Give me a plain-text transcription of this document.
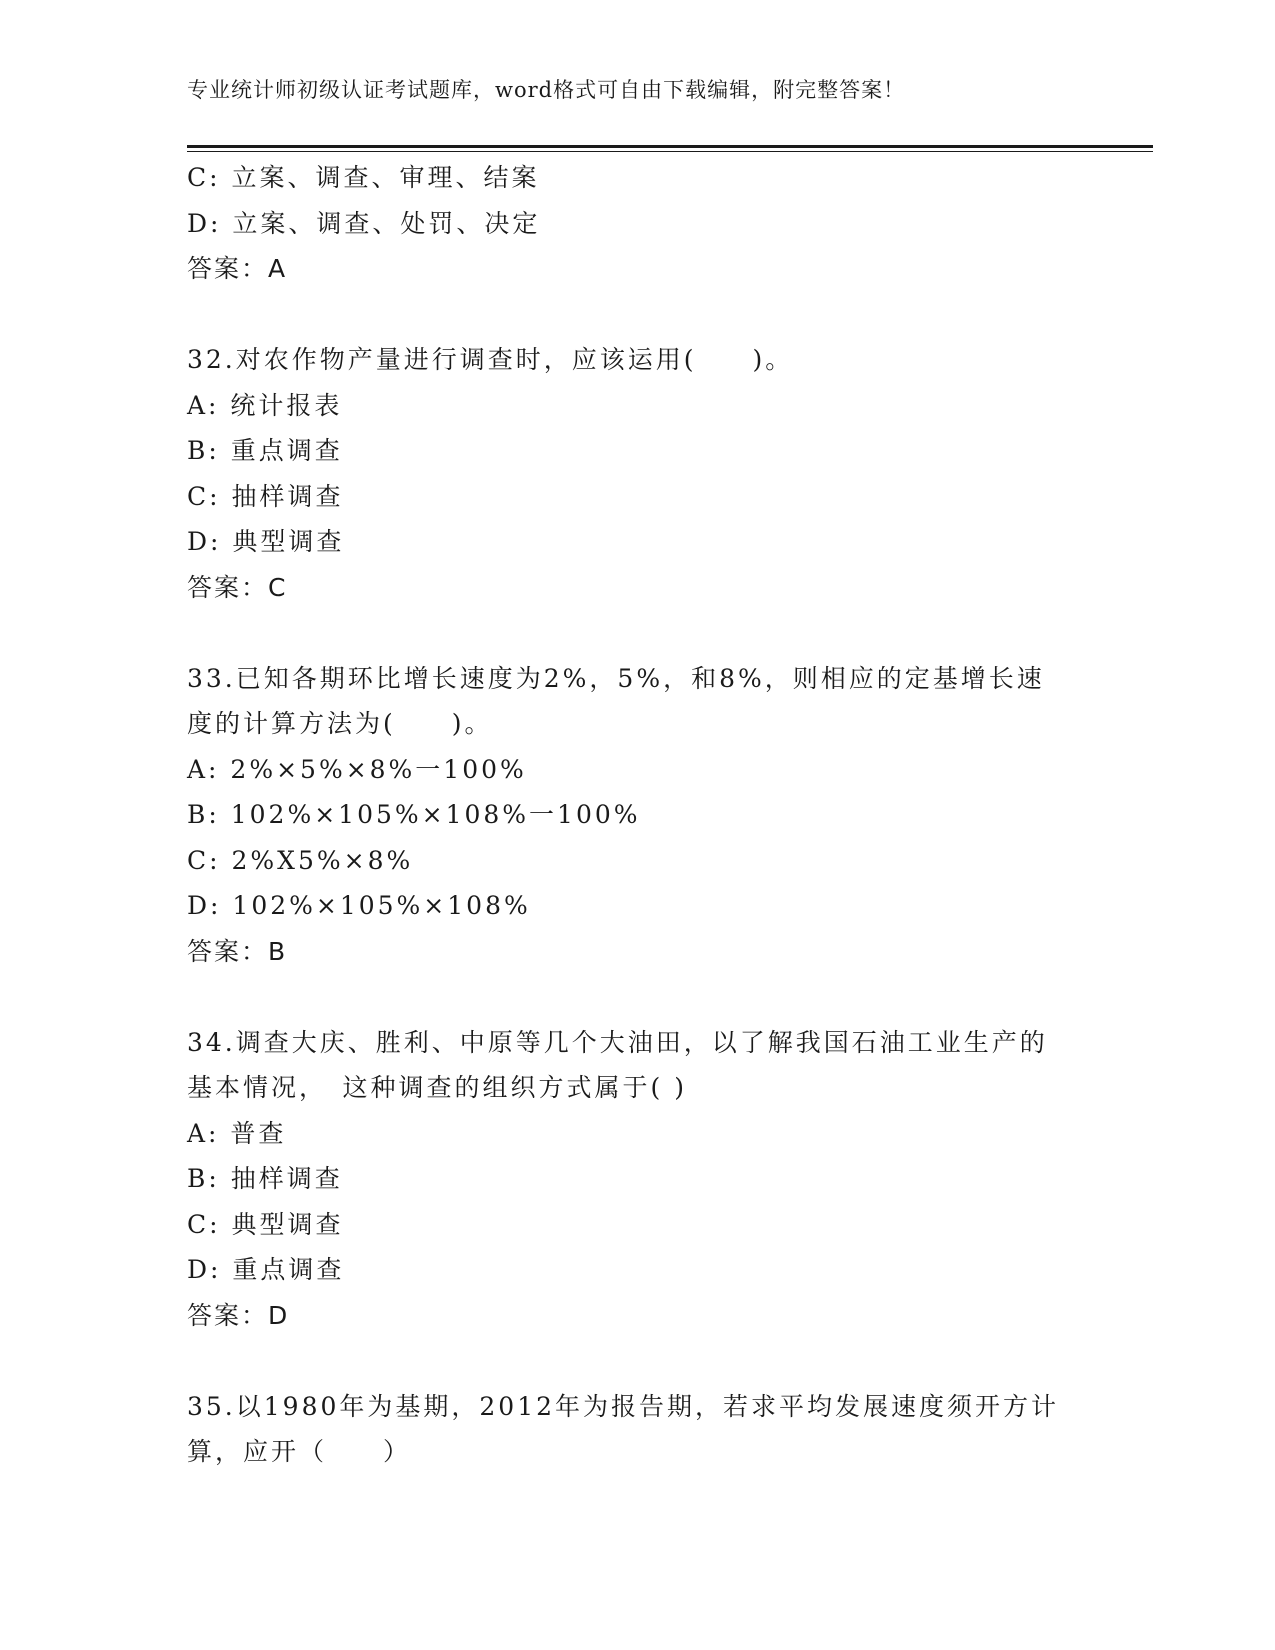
专业统计师初级认证考试题库，word格式可自由下载编辑，附完整答案！
C: 立案、调查、审理、结案
D: 立案、调查、处罚、决定
答案：A
32.对农作物产量进行调查时，应该运用(　　)。
A: 统计报表
B: 重点调查
C: 抽样调查
D: 典型调查
答案：C
33.已知各期环比增长速度为2%，5%，和8%，则相应的定基增长速
度的计算方法为(　　)。
A: 2%×5%×8%一100%
B: 102%×105%×108%一100%
C: 2%X5%×8%
D: 102%×105%×108%
答案：B
34.调查大庆、胜利、中原等几个大油田，以了解我国石油工业生产的
基本情况，　这种调查的组织方式属于( )
A: 普查
B: 抽样调查
C: 典型调查
D: 重点调查
答案：D
35.以1980年为基期，2012年为报告期，若求平均发展速度须开方计
算，应开（　　）
